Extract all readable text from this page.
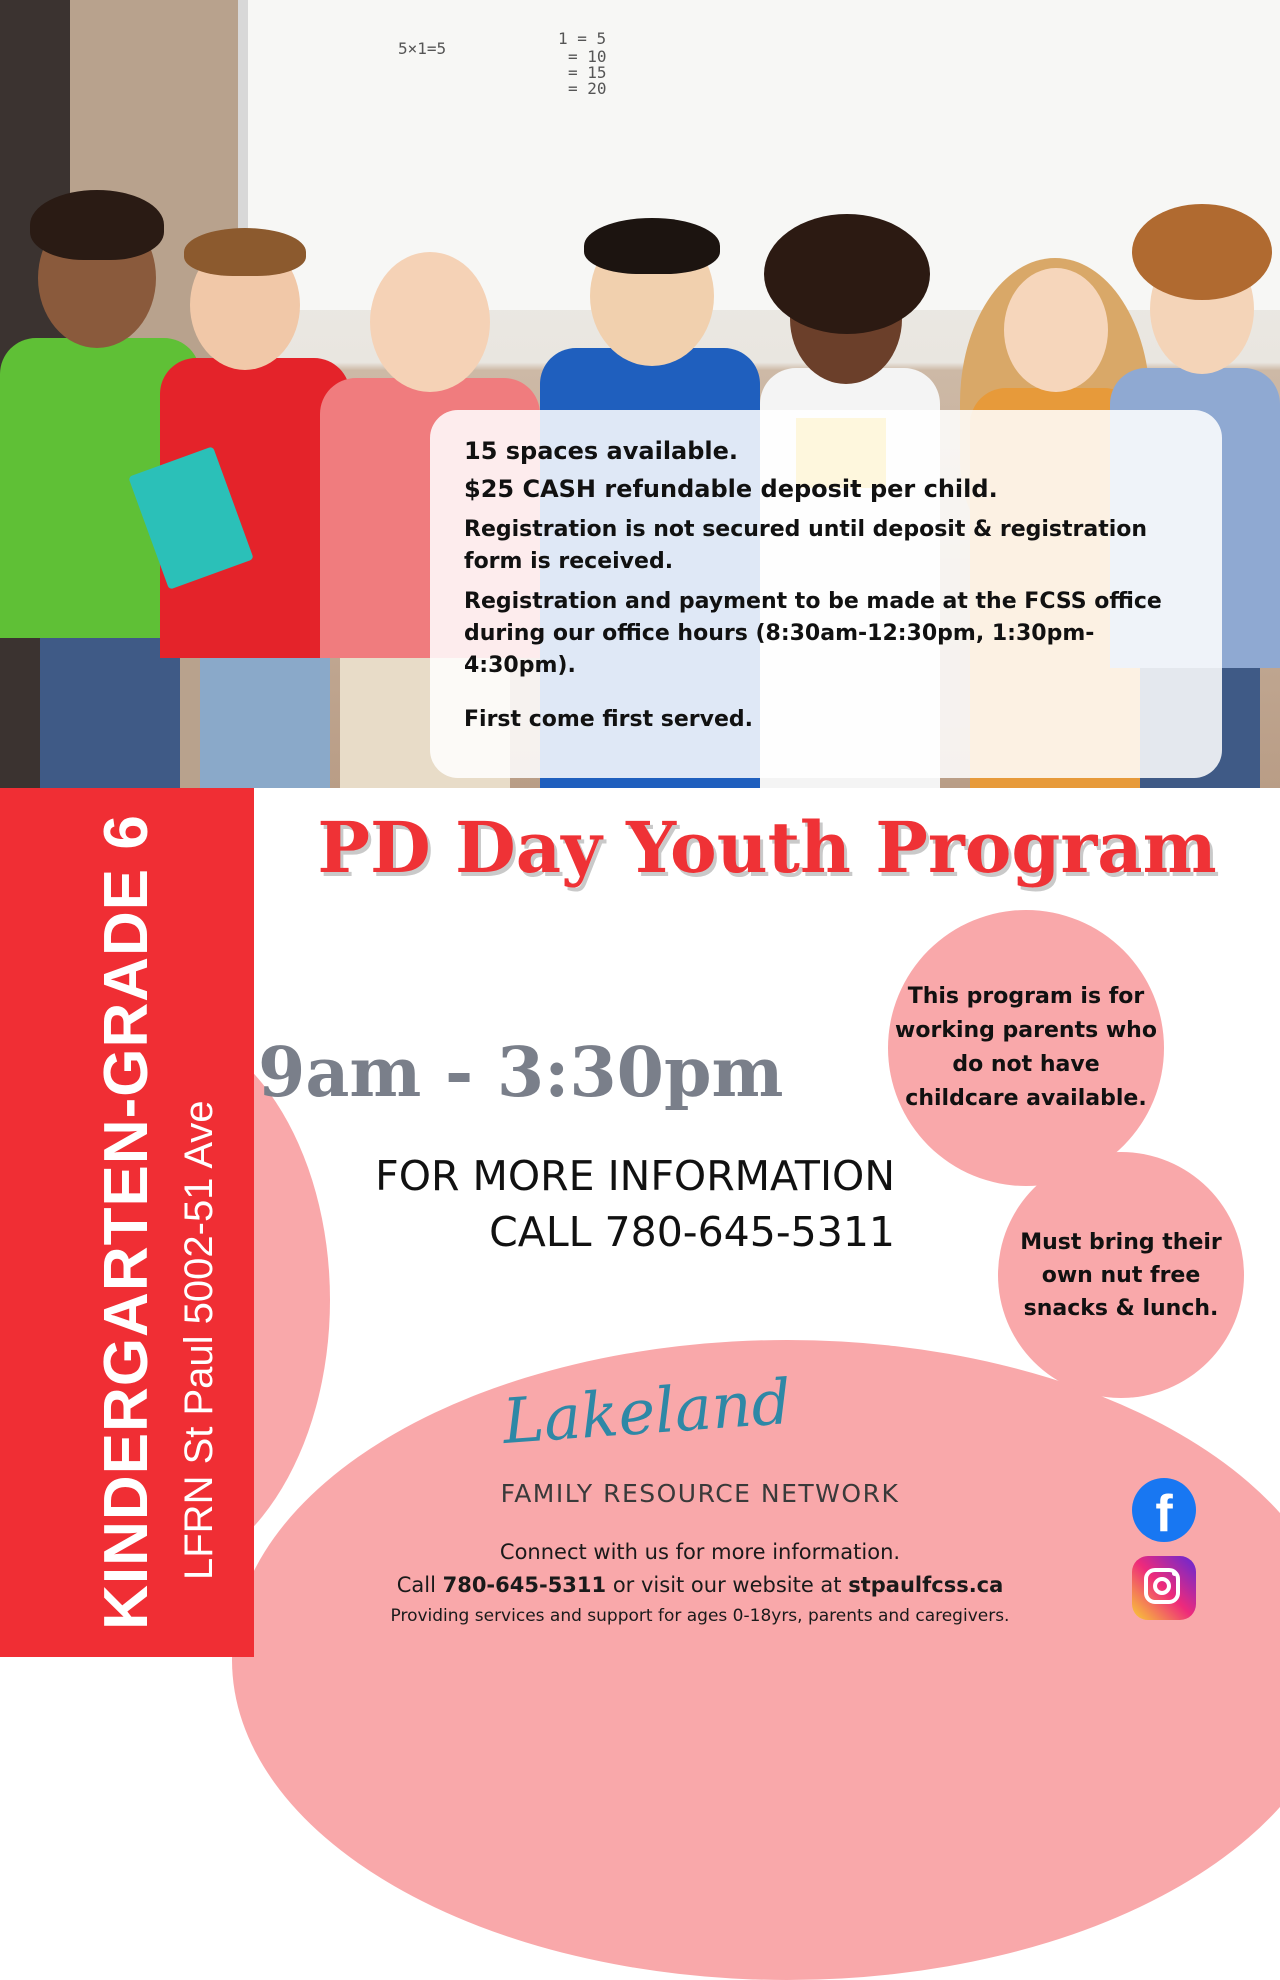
5×1=5
1 = 5
= 10
= 15
= 20

15 spaces available.

$25 CASH refundable deposit per child.

Registration is not secured until deposit & registration form is received.

Registration and payment to be made at the FCSS office during our office hours (8:30am-12:30pm, 1:30pm-4:30pm).

First come first served.

KINDERGARTEN-GRADE 6 LFRN St Paul 5002-51 Ave
PD Day Youth Program
This program is for working parents who do not have childcare available.
Must bring their own nut free snacks & lunch.
9am - 3:30pm
FOR MORE INFORMATION
CALL 780-645-5311
Lakeland
FAMILY RESOURCE NETWORK
Connect with us for more information.
Call 780-645-5311 or visit our website at stpaulfcss.ca
Providing services and support for ages 0-18yrs, parents and caregivers.
f
